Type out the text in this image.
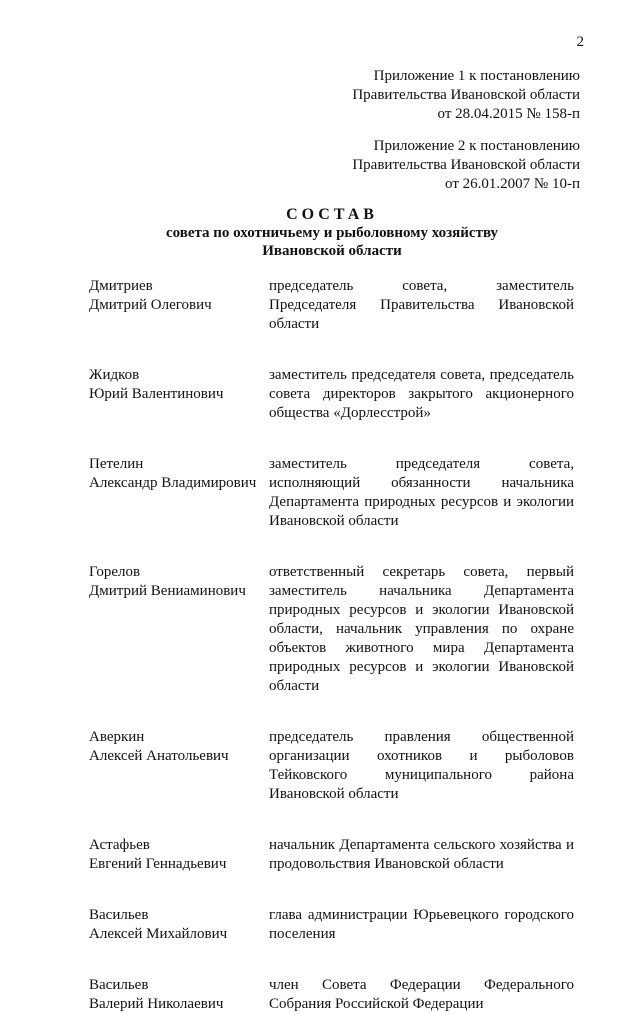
2
Приложение 1 к постановлению
Правительства Ивановской области
от 28.04.2015 № 158-п
Приложение 2 к постановлению
Правительства Ивановской области
от 26.01.2007 № 10-п
СОСТАВ
совета по охотничьему и рыболовному хозяйству
Ивановской области
Дмитриев
Дмитрий Олегович
председатель совета, заместитель Председателя Правительства Ивановской области
Жидков
Юрий Валентинович
заместитель председателя совета, председатель совета директоров закрытого акционерного общества «Дорлесстрой»
Петелин
Александр Владимирович
заместитель председателя совета, исполняющий обязанности начальника Департамента природных ресурсов и экологии Ивановской области
Горелов
Дмитрий Вениаминович
ответственный секретарь совета, первый заместитель начальника Департамента природных ресурсов и экологии Ивановской области, начальник управления по охране объектов животного мира Департамента природных ресурсов и экологии Ивановской области
Аверкин
Алексей Анатольевич
председатель правления общественной организации охотников и рыболовов Тейковского муниципального района Ивановской области
Астафьев
Евгений Геннадьевич
начальник Департамента сельского хозяйства и продовольствия Ивановской области
Васильев
Алексей Михайлович
глава администрации Юрьевецкого городского поселения
Васильев
Валерий Николаевич
член Совета Федерации Федерального Собрания Российской Федерации
